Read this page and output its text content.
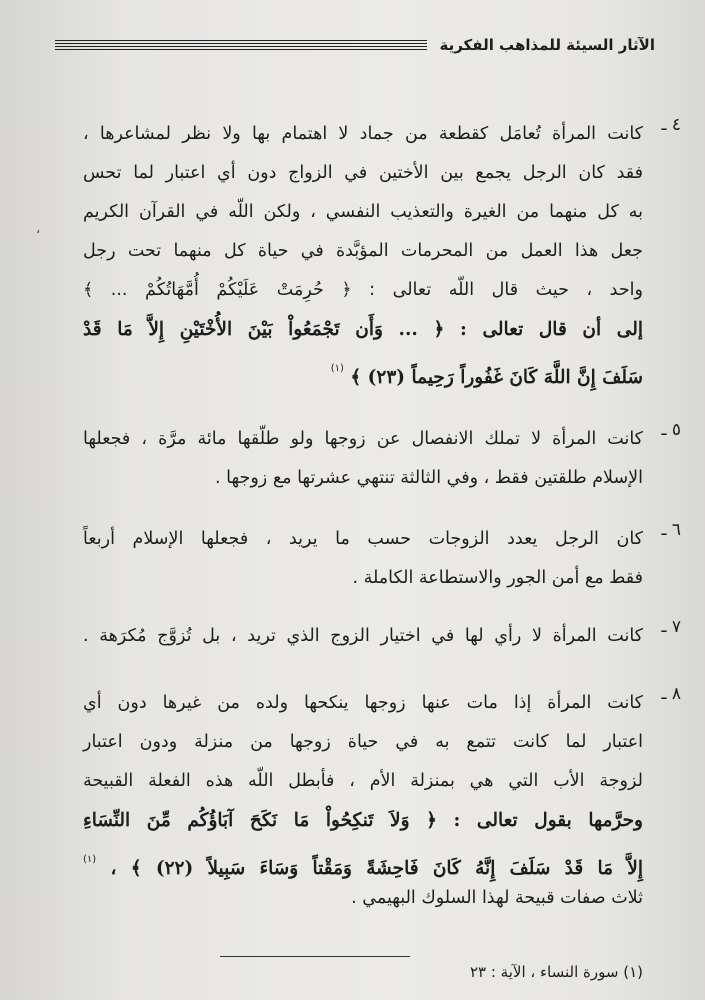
الآثار السيئة للمذاهب الفكرية
،
٤ ـ
كانت المرأة تُعامَل كقطعة من جماد لا اهتمام بها ولا نظر لمشاعرها ،
فقد كان الرجل يجمع بين الأختين في الزواج دون أي اعتبار لما تحس
به كل منهما من الغيرة والتعذيب النفسي ، ولكن اللّه في القرآن الكريم
جعل هذا العمل من المحرمات المؤبَّدة في حياة كل منهما تحت رجل
واحد ، حيث قال اللّه تعالى : ﴿ حُرِمَتْ عَلَيْكُمْ أُمَّهَاتُكُمْ ... ﴾
إلى أن قال تعالى : ﴿ ... وَأَن تَجْمَعُواْ بَيْنَ الأُخْتَيْنِ إِلاَّ مَا قَدْ
سَلَفَ إِنَّ اللَّهَ كَانَ غَفُوراً رَحِيماً (٢٣) ﴾ $^{(١)}$
٥ ـ
كانت المرأة لا تملك الانفصال عن زوجها ولو طلّقها مائة مرَّة ، فجعلها
الإسلام طلقتين فقط ، وفي الثالثة تنتهي عشرتها مع زوجها .
٦ ـ
كان الرجل يعدد الزوجات حسب ما يريد ، فجعلها الإسلام أربعاً
فقط مع أمن الجور والاستطاعة الكاملة .
٧ ـ
كانت المرأة لا رأي لها في اختيار الزوج الذي تريد ، بل تُزوَّج مُكرَهة .
٨ ـ
كانت المرأة إذا مات عنها زوجها ينكحها ولده من غيرها دون أي
اعتبار لما كانت تتمع به في حياة زوجها من منزلة ودون اعتبار
لزوجة الأب التي هي بمنزلة الأم ، فأبطل اللّه هذه الفعلة القبيحة
وحرَّمها بقول تعالى : ﴿ وَلاَ تَنكِحُواْ مَا نَكَحَ آبَاؤُكُم مِّنَ النِّسَاءِ
إِلاَّ مَا قَدْ سَلَفَ إِنَّهُ كَانَ فَاحِشَةً وَمَقْتاً وَسَاءَ سَبِيلاً (٢٢) ﴾ ، $^{(١)}$
ثلاث صفات قبيحة لهذا السلوك البهيمي .
(١) سورة النساء ، الآية : ٢٣
